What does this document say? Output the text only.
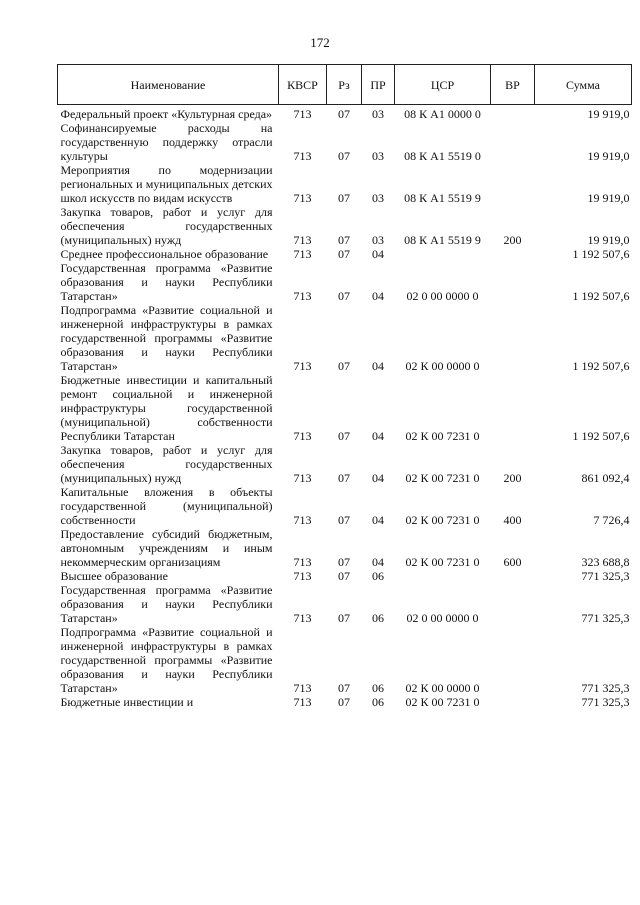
172
Наименование	КВСР	Рз	ПР	ЦСР	ВР	Сумма
Федеральный проект «Культурная среда»	713	07	03	08 К А1 0000 0		19 919,0
Софинансируемые расходы на государственную поддержку отрасли культуры	713	07	03	08 К А1 5519 0		19 919,0
Мероприятия по модернизации региональных и муниципальных детских школ искусств по видам искусств	713	07	03	08 К А1 5519 9		19 919,0
Закупка товаров, работ и услуг для обеспечения государственных (муниципальных) нужд	713	07	03	08 К А1 5519 9	200	19 919,0
Среднее профессиональное образование	713	07	04			1 192 507,6
Государственная программа «Развитие образования и науки Республики Татарстан»	713	07	04	02 0 00 0000 0		1 192 507,6
Подпрограмма «Развитие социальной и инженерной инфраструктуры в рамках государственной программы «Развитие образования и науки Республики Татарстан»	713	07	04	02 К 00 0000 0		1 192 507,6
Бюджетные инвестиции и капитальный ремонт социальной и инженерной инфраструктуры государственной (муниципальной) собственности Республики Татарстан	713	07	04	02 К 00 7231 0		1 192 507,6
Закупка товаров, работ и услуг для обеспечения государственных (муниципальных) нужд	713	07	04	02 К 00 7231 0	200	861 092,4
Капитальные вложения в объекты государственной (муниципальной) собственности	713	07	04	02 К 00 7231 0	400	7 726,4
Предоставление субсидий бюджетным, автономным учреждениям и иным некоммерческим организациям	713	07	04	02 К 00 7231 0	600	323 688,8
Высшее образование	713	07	06			771 325,3
Государственная программа «Развитие образования и науки Республики Татарстан»	713	07	06	02 0 00 0000 0		771 325,3
Подпрограмма «Развитие социальной и инженерной инфраструктуры в рамках государственной программы «Развитие образования и науки Республики Татарстан»	713	07	06	02 К 00 0000 0		771 325,3
Бюджетные инвестиции и	713	07	06	02 К 00 7231 0		771 325,3
